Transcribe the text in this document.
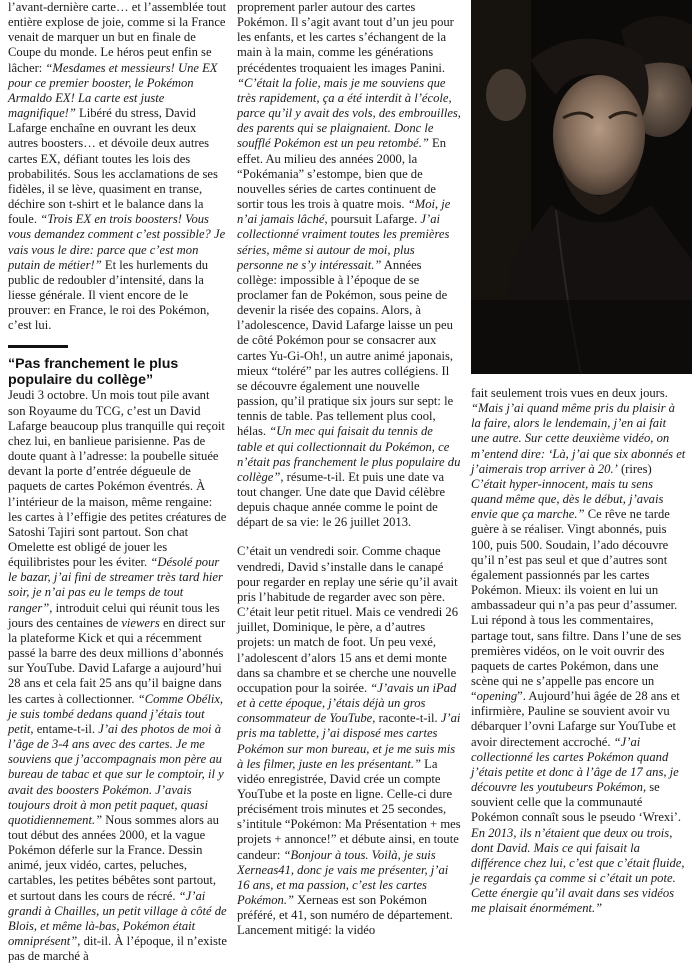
l’avant-dernière carte… et l’assemblée tout entière explose de joie, comme si la France venait de marquer un but en finale de Coupe du monde. Le héros peut enfin se lâcher: “Mesdames et messieurs! Une EX pour ce premier booster, le Pokémon Armaldo EX! La carte est juste magnifique!” Libéré du stress, David Lafarge enchaîne en ouvrant les deux autres boosters… et dévoile deux autres cartes EX, défiant toutes les lois des probabilités. Sous les acclamations de ses fidèles, il se lève, quasiment en transe, déchire son t-shirt et le balance dans la foule. “Trois EX en trois boosters! Vous vous demandez comment c’est possible? Je vais vous le dire: parce que c’est mon putain de métier!” Et les hurlements du public de redoubler d’intensité, dans la liesse générale. Il vient encore de le prouver: en France, le roi des Pokémon, c’est lui.

“Pas franchement le plus populaire du collège”

Jeudi 3 octobre. Un mois tout pile avant son Royaume du TCG, c’est un David Lafarge beaucoup plus tranquille qui reçoit chez lui, en banlieue parisienne. Pas de doute quant à l’adresse: la poubelle située devant la porte d’entrée dégueule de paquets de cartes Pokémon éventrés. À l’intérieur de la maison, même rengaine: les cartes à l’effigie des petites créatures de Satoshi Tajiri sont partout. Son chat Omelette est obligé de jouer les équilibristes pour les éviter. “Désolé pour le bazar, j’ai fini de streamer très tard hier soir, je n’ai pas eu le temps de tout ranger”, introduit celui qui réunit tous les jours des centaines de viewers en direct sur la plateforme Kick et qui a récemment passé la barre des deux millions d’abonnés sur YouTube. David Lafarge a aujourd’hui 28 ans et cela fait 25 ans qu’il baigne dans les cartes à collectionner. “Comme Obélix, je suis tombé dedans quand j’étais tout petit, entame-t-il. J’ai des photos de moi à l’âge de 3-4 ans avec des cartes. Je me souviens que j’accompagnais mon père au bureau de tabac et que sur le comptoir, il y avait des boosters Pokémon. J’avais toujours droit à mon petit paquet, quasi quotidiennement.” Nous sommes alors au tout début des années 2000, et la vague Pokémon déferle sur la France. Dessin animé, jeux vidéo, cartes, peluches, cartables, les petites bébêtes sont partout, et surtout dans les cours de récré. “J’ai grandi à Chailles, un petit village à côté de Blois, et même là-bas, Pokémon était omniprésent”, dit-il. À l’époque, il n’existe pas de marché à

proprement parler autour des cartes Pokémon. Il s’agit avant tout d’un jeu pour les enfants, et les cartes s’échangent de la main à la main, comme les générations précédentes troquaient les images Panini. “C’était la folie, mais je me souviens que très rapidement, ça a été interdit à l’école, parce qu’il y avait des vols, des embrouilles, des parents qui se plaignaient. Donc le soufflé Pokémon est un peu retombé.” En effet. Au milieu des années 2000, la “Pokémania” s’estompe, bien que de nouvelles séries de cartes continuent de sortir tous les trois à quatre mois. “Moi, je n’ai jamais lâché, poursuit Lafarge. J’ai collectionné vraiment toutes les premières séries, même si autour de moi, plus personne ne s’y intéressait.” Années collège: impossible à l’époque de se proclamer fan de Pokémon, sous peine de devenir la risée des copains. Alors, à l’adolescence, David Lafarge laisse un peu de côté Pokémon pour se consacrer aux cartes Yu-Gi-Oh!, un autre animé japonais, mieux “toléré” par les autres collégiens. Il se découvre également une nouvelle passion, qu’il pratique six jours sur sept: le tennis de table. Pas tellement plus cool, hélas. “Un mec qui faisait du tennis de table et qui collectionnait du Pokémon, ce n’était pas franchement le plus populaire du collège”, résume-t-il. Et puis une date va tout changer. Une date que David célèbre depuis chaque année comme le point de départ de sa vie: le 26 juillet 2013.

C’était un vendredi soir. Comme chaque vendredi, David s’installe dans le canapé pour regarder en replay une série qu’il avait pris l’habitude de regarder avec son père. C’était leur petit rituel. Mais ce vendredi 26 juillet, Dominique, le père, a d’autres projets: un match de foot. Un peu vexé, l’adolescent d’alors 15 ans et demi monte dans sa chambre et se cherche une nouvelle occupation pour la soirée. “J’avais un iPad et à cette époque, j’étais déjà un gros consommateur de YouTube, raconte-t-il. J’ai pris ma tablette, j’ai disposé mes cartes Pokémon sur mon bureau, et je me suis mis à les filmer, juste en les présentant.” La vidéo enregistrée, David crée un compte YouTube et la poste en ligne. Celle-ci dure précisément trois minutes et 25 secondes, s’intitule “Pokémon: Ma Présentation + mes projets + annonce!” et débute ainsi, en toute candeur: “Bonjour à tous. Voilà, je suis Xerneas41, donc je vais me présenter, j’ai 16 ans, et ma passion, c’est les cartes Pokémon.” Xerneas est son Pokémon préféré, et 41, son numéro de département. Lancement mitigé: la vidéo

fait seulement trois vues en deux jours. “Mais j’ai quand même pris du plaisir à la faire, alors le lendemain, j’en ai fait une autre. Sur cette deuxième vidéo, on m’entend dire: ‘Là, j’ai que six abonnés et j’aimerais trop arriver à 20.’ (rires) C’était hyper-innocent, mais tu sens quand même que, dès le début, j’avais envie que ça marche.” Ce rêve ne tarde guère à se réaliser. Vingt abonnés, puis 100, puis 500. Soudain, l’ado découvre qu’il n’est pas seul et que d’autres sont également passionnés par les cartes Pokémon. Mieux: ils voient en lui un ambassadeur qui n’a pas peur d’assumer. Lui répond à tous les commentaires, partage tout, sans filtre. Dans l’une de ses premières vidéos, on le voit ouvrir des paquets de cartes Pokémon, dans une scène qui ne s’appelle pas encore un “opening”. Aujourd’hui âgée de 28 ans et infirmière, Pauline se souvient avoir vu débarquer l’ovni Lafarge sur YouTube et avoir directement accroché. “J’ai collectionné les cartes Pokémon quand j’étais petite et donc à l’âge de 17 ans, je découvre les youtubeurs Pokémon, se souvient celle que la communauté Pokémon connaît sous le pseudo ‘Wrexi’. En 2013, ils n’étaient que deux ou trois, dont David. Mais ce qui faisait la différence chez lui, c’est que c’était fluide, je regardais ça comme si c’était un pote. Cette énergie qu’il avait dans ses vidéos me plaisait énormément.”
